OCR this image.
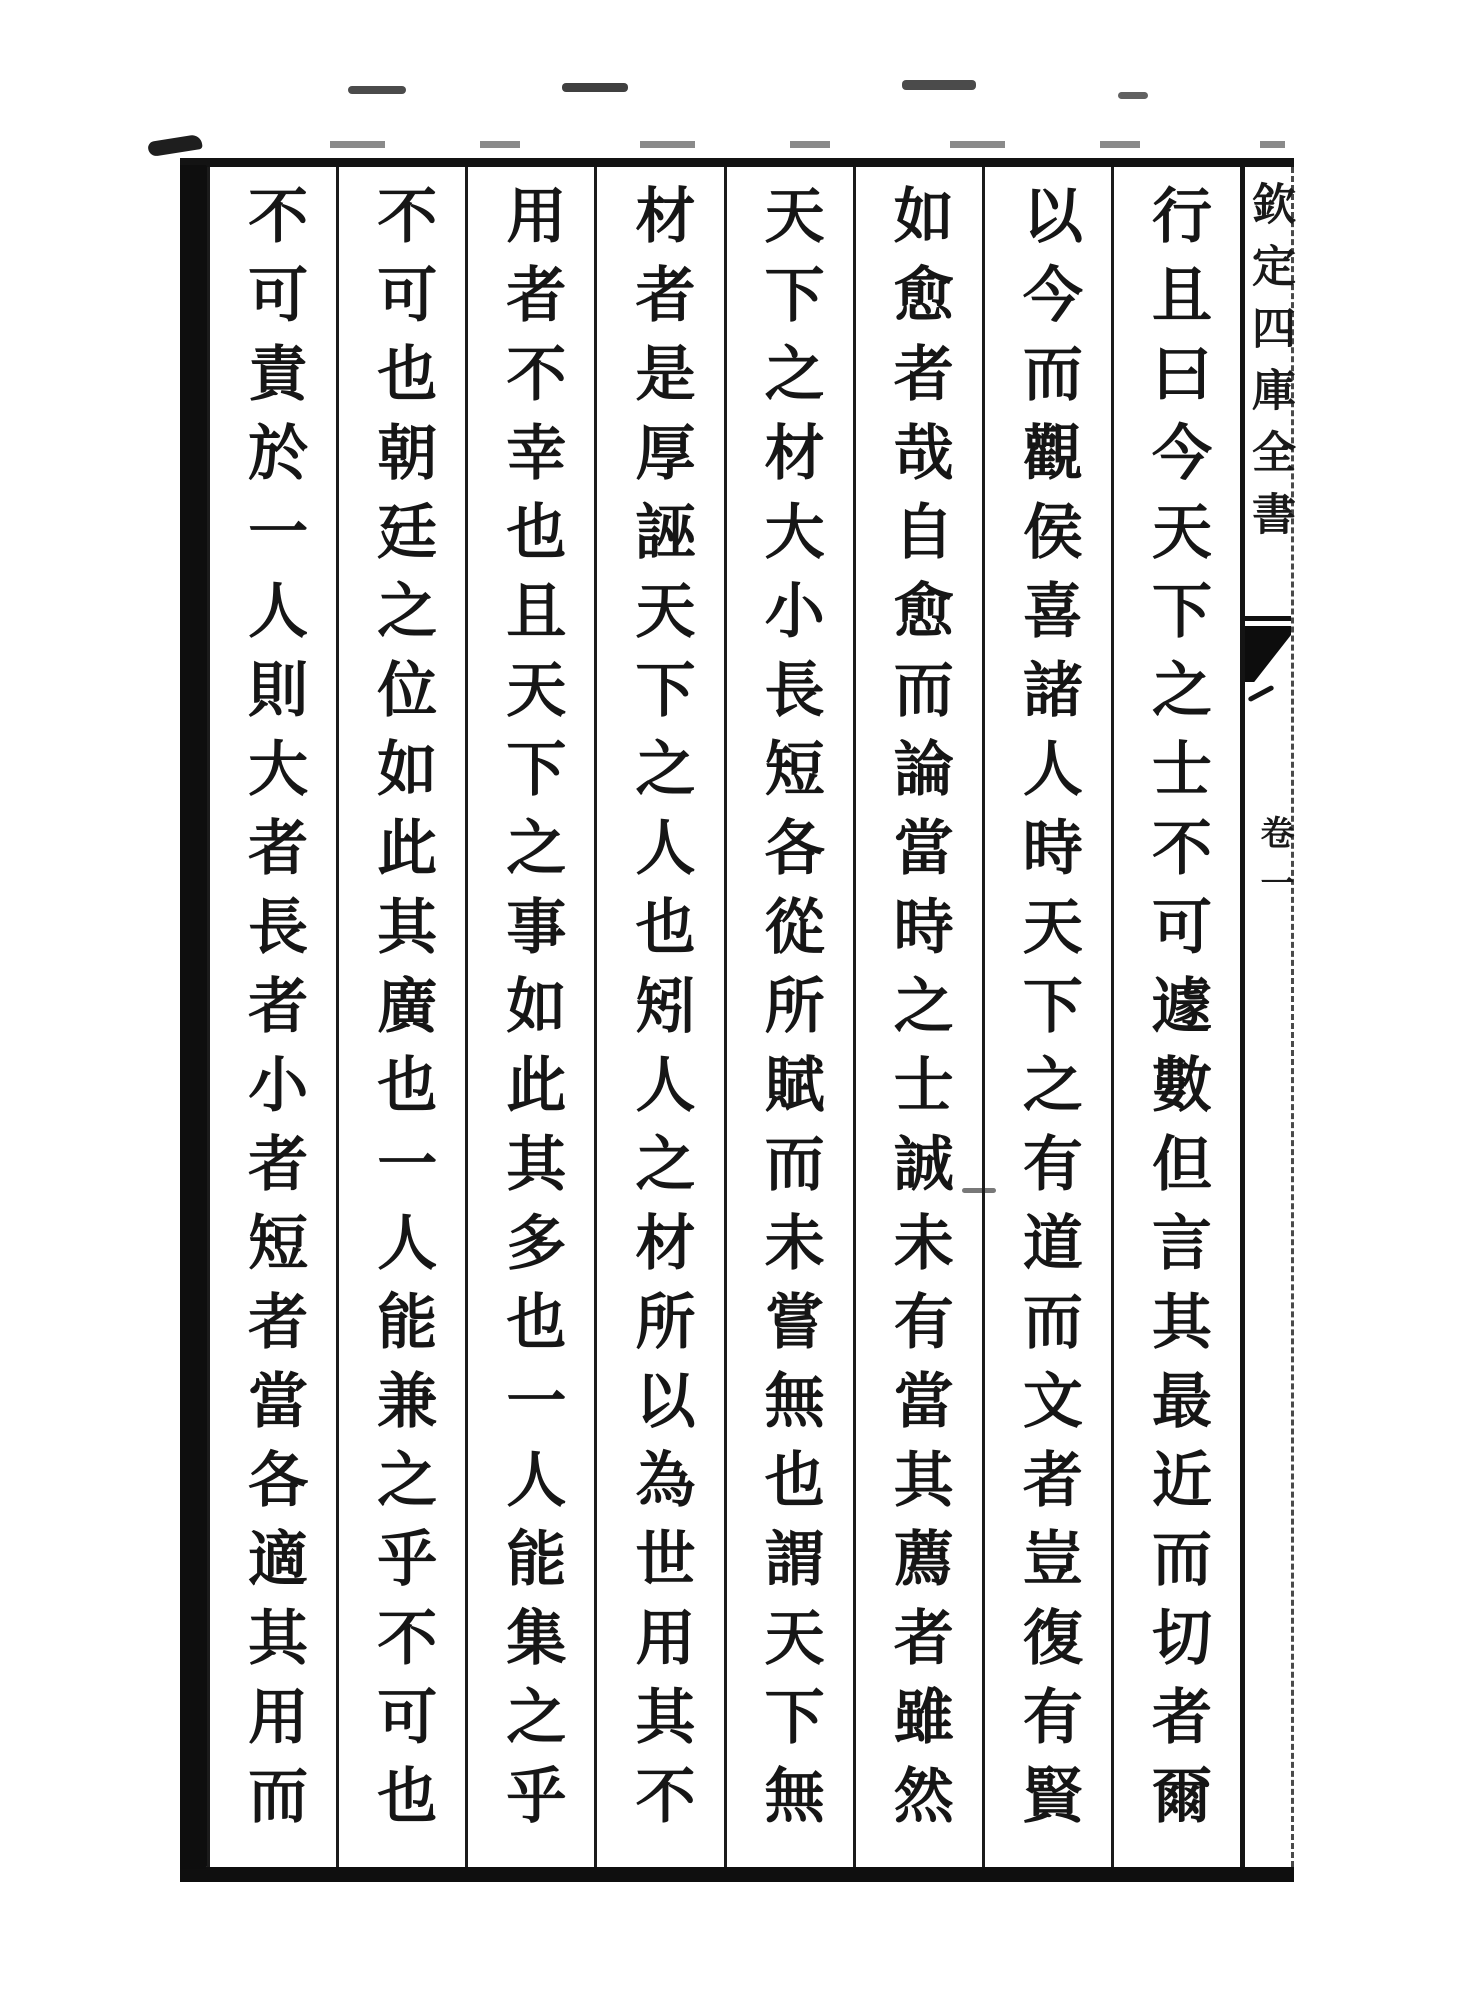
行且曰今天下之士不可遽數但言其最近而切者爾
以今而觀侯喜諸人時天下之有道而文者豈復有賢
如愈者哉自愈而論當時之士誠未有當其薦者雖然
天下之材大小長短各從所賦而未嘗無也謂天下無
材者是厚誣天下之人也矧人之材所以為世用其不
用者不幸也且天下之事如此其多也一人能集之乎
不可也朝廷之位如此其廣也一人能兼之乎不可也
不可責於一人則大者長者小者短者當各適其用而	欽定四庫全書
卷一
